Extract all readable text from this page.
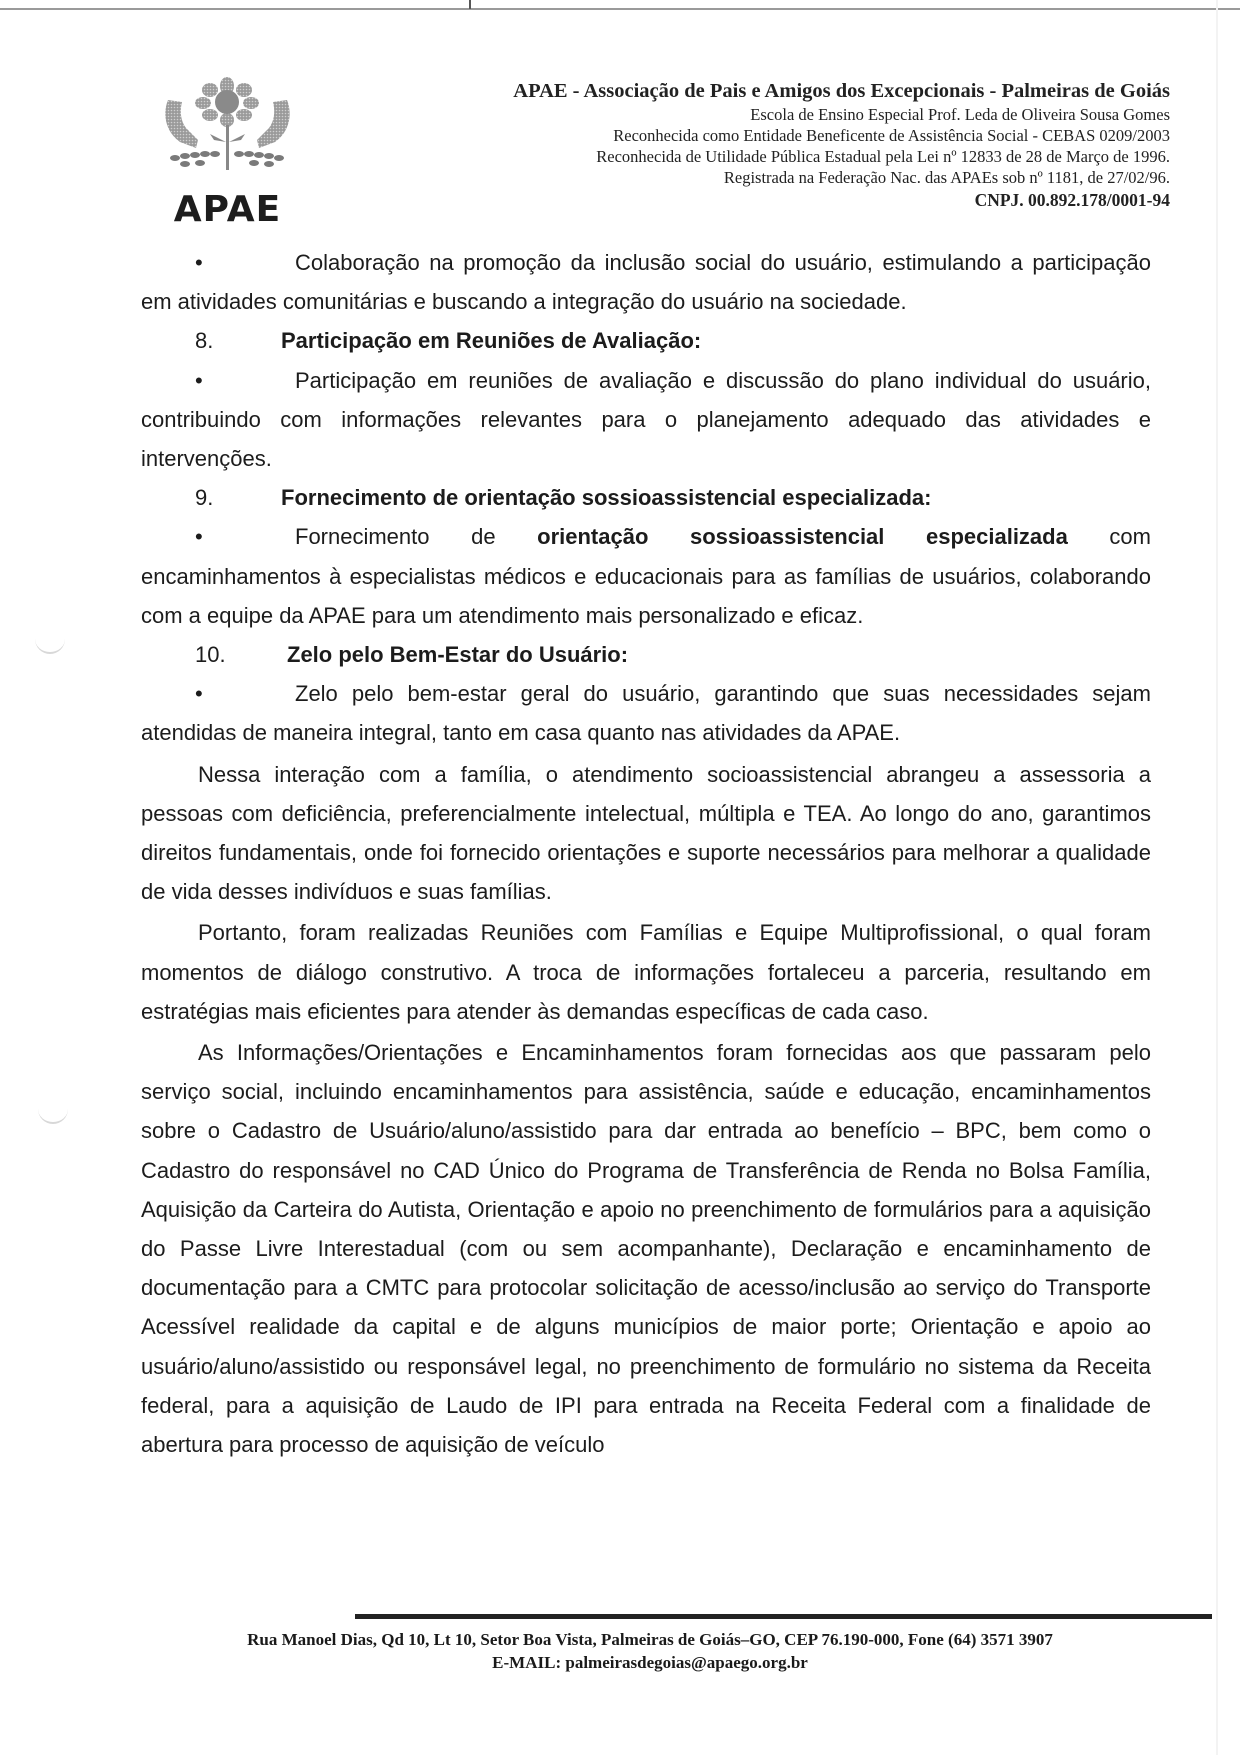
APAE
APAE - Associação de Pais e Amigos dos Excepcionais - Palmeiras de Goiás
Escola de Ensino Especial Prof. Leda de Oliveira Sousa Gomes
Reconhecida como Entidade Beneficente de Assistência Social - CEBAS 0209/2003
Reconhecida de Utilidade Pública Estadual pela Lei nº 12833 de 28 de Março de 1996.
Registrada na Federação Nac. das APAEs sob nº 1181, de 27/02/96.
CNPJ. 00.892.178/0001-94

•	Colaboração na promoção da inclusão social do usuário, estimulando a participação em atividades comunitárias e buscando a integração do usuário na sociedade.

8.	Participação em Reuniões de Avaliação:

•	Participação em reuniões de avaliação e discussão do plano individual do usuário, contribuindo com informações relevantes para o planejamento adequado das atividades e intervenções.

9.	Fornecimento de orientação sossioassistencial especializada:

•	Fornecimento de orientação sossioassistencial especializada com encaminhamentos à especialistas médicos e educacionais para as famílias de usuários, colaborando com a equipe da APAE para um atendimento mais personalizado e eficaz.

10.	Zelo pelo Bem-Estar do Usuário:

•	Zelo pelo bem-estar geral do usuário, garantindo que suas necessidades sejam atendidas de maneira integral, tanto em casa quanto nas atividades da APAE.

Nessa interação com a família, o atendimento socioassistencial abrangeu a assessoria a pessoas com deficiência, preferencialmente intelectual, múltipla e TEA. Ao longo do ano, garantimos direitos fundamentais, onde foi fornecido orientações e suporte necessários para melhorar a qualidade de vida desses indivíduos e suas famílias.

Portanto, foram realizadas Reuniões com Famílias e Equipe Multiprofissional, o qual foram momentos de diálogo construtivo. A troca de informações fortaleceu a parceria, resultando em estratégias mais eficientes para atender às demandas específicas de cada caso.

As Informações/Orientações e Encaminhamentos foram fornecidas aos que passaram pelo serviço social, incluindo encaminhamentos para assistência, saúde e educação, encaminhamentos sobre o Cadastro de Usuário/aluno/assistido para dar entrada ao benefício – BPC, bem como o Cadastro do responsável no CAD Único do Programa de Transferência de Renda no Bolsa Família, Aquisição da Carteira do Autista, Orientação e apoio no preenchimento de formulários para a aquisição do Passe Livre Interestadual (com ou sem acompanhante), Declaração e encaminhamento de documentação para a CMTC para protocolar solicitação de acesso/inclusão ao serviço do Transporte Acessível realidade da capital e de alguns municípios de maior porte; Orientação e apoio ao usuário/aluno/assistido ou responsável legal, no preenchimento de formulário no sistema da Receita federal, para a aquisição de Laudo de IPI para entrada na Receita Federal com a finalidade de abertura para processo de aquisição de veículo

Rua Manoel Dias, Qd 10, Lt 10, Setor Boa Vista, Palmeiras de Goiás–GO, CEP 76.190-000, Fone (64) 3571 3907
E-MAIL: palmeirasdegoias@apaego.org.br
